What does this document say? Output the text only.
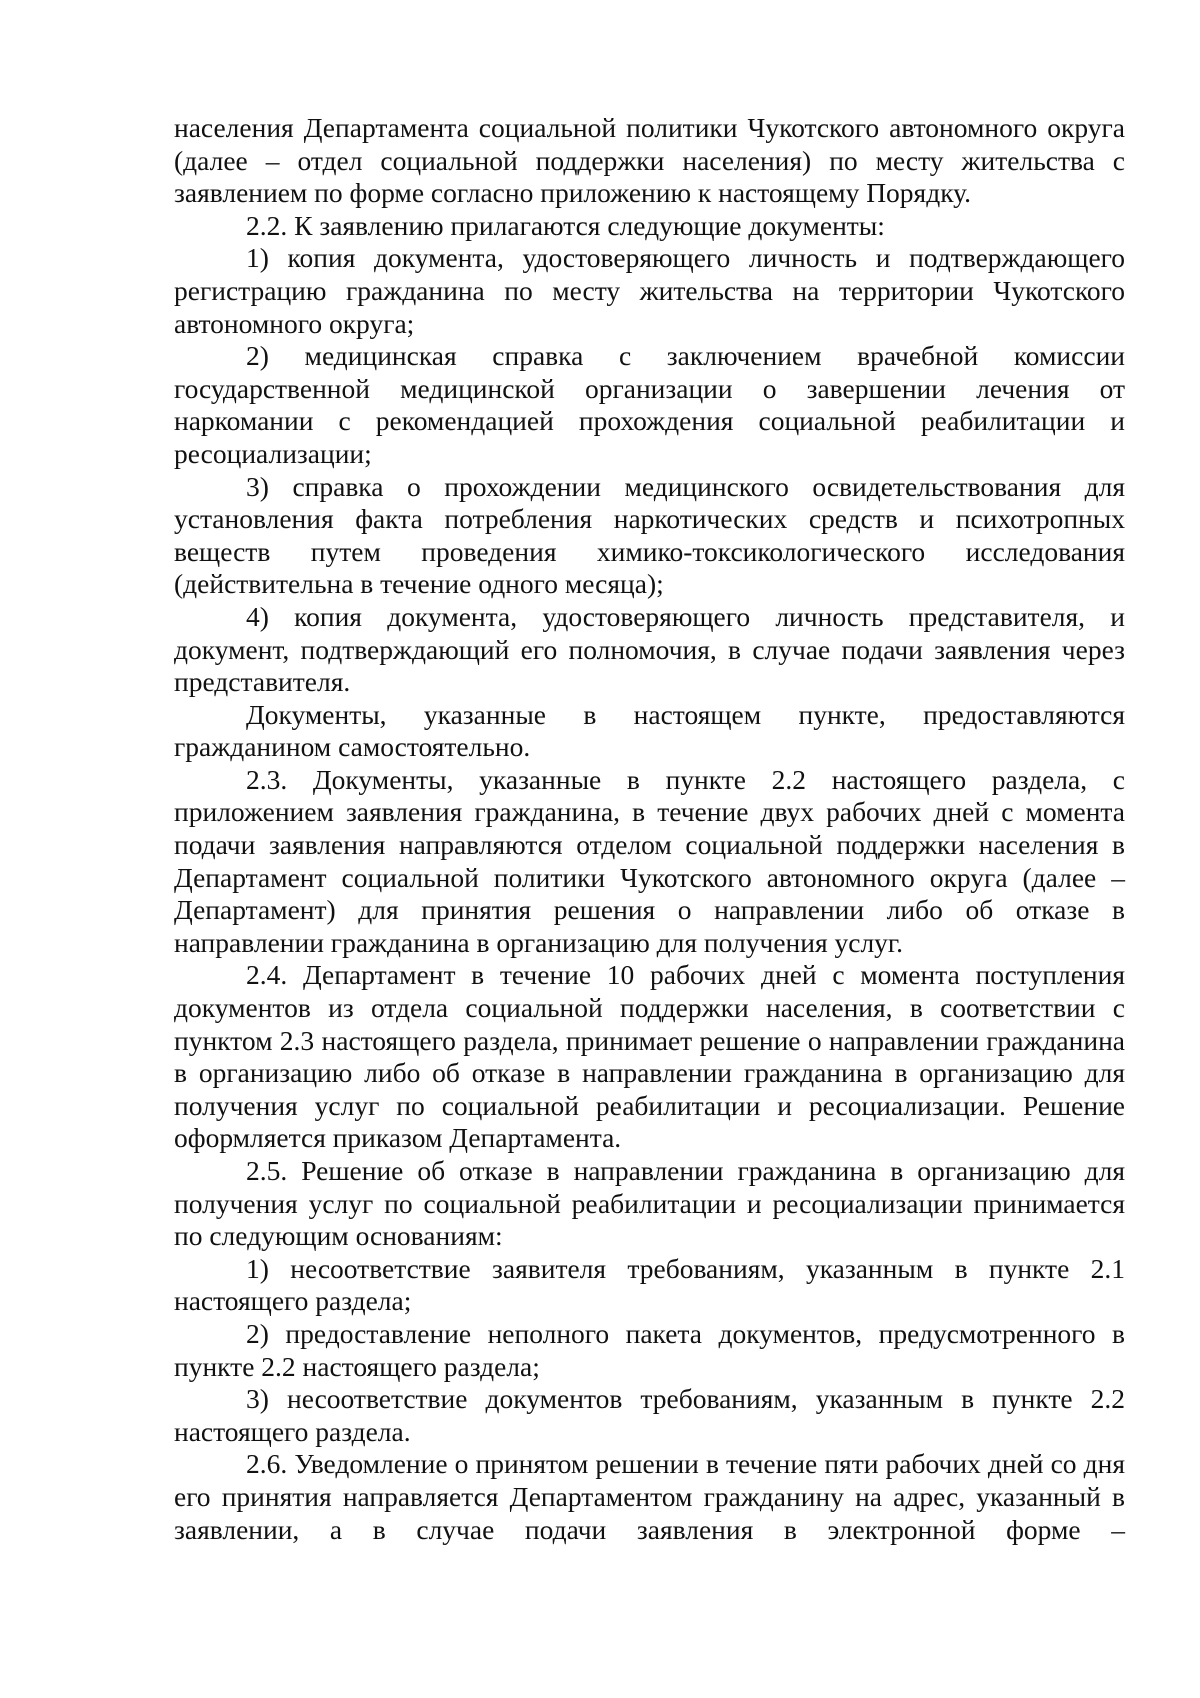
населения Департамента социальной политики Чукотского автономного округа (далее – отдел социальной поддержки населения) по месту жительства с заявлением по форме согласно приложению к настоящему Порядку.

2.2. К заявлению прилагаются следующие документы:

1) копия документа, удостоверяющего личность и подтверждающего регистрацию гражданина по месту жительства на территории Чукотского автономного округа;

2) медицинская справка с заключением врачебной комиссии государственной медицинской организации о завершении лечения от наркомании с рекомендацией прохождения социальной реабилитации и ресоциализации;

3) справка о прохождении медицинского освидетельствования для установления факта потребления наркотических средств и психотропных веществ путем проведения химико-токсикологического исследования (действительна в течение одного месяца);

4) копия документа, удостоверяющего личность представителя, и документ, подтверждающий его полномочия, в случае подачи заявления через представителя.

Документы, указанные в настоящем пункте, предоставляются гражданином самостоятельно.

2.3. Документы, указанные в пункте 2.2 настоящего раздела, с приложением заявления гражданина, в течение двух рабочих дней с момента подачи заявления направляются отделом социальной поддержки населения в Департамент социальной политики Чукотского автономного округа (далее – Департамент) для принятия решения о направлении либо об отказе в направлении гражданина в организацию для получения услуг.

2.4. Департамент в течение 10 рабочих дней с момента поступления документов из отдела социальной поддержки населения, в соответствии с пунктом 2.3 настоящего раздела, принимает решение о направлении гражданина в организацию либо об отказе в направлении гражданина в организацию для получения услуг по социальной реабилитации и ресоциализации. Решение оформляется приказом Департамента.

2.5. Решение об отказе в направлении гражданина в организацию для получения услуг по социальной реабилитации и ресоциализации принимается по следующим основаниям:

1) несоответствие заявителя требованиям, указанным в пункте 2.1 настоящего раздела;

2) предоставление неполного пакета документов, предусмотренного в пункте 2.2 настоящего раздела;

3) несоответствие документов требованиям, указанным в пункте 2.2 настоящего раздела.

2.6. Уведомление о принятом решении в течение пяти рабочих дней со дня его принятия направляется Департаментом гражданину на адрес, указанный в заявлении, а в случае подачи заявления в электронной форме –
